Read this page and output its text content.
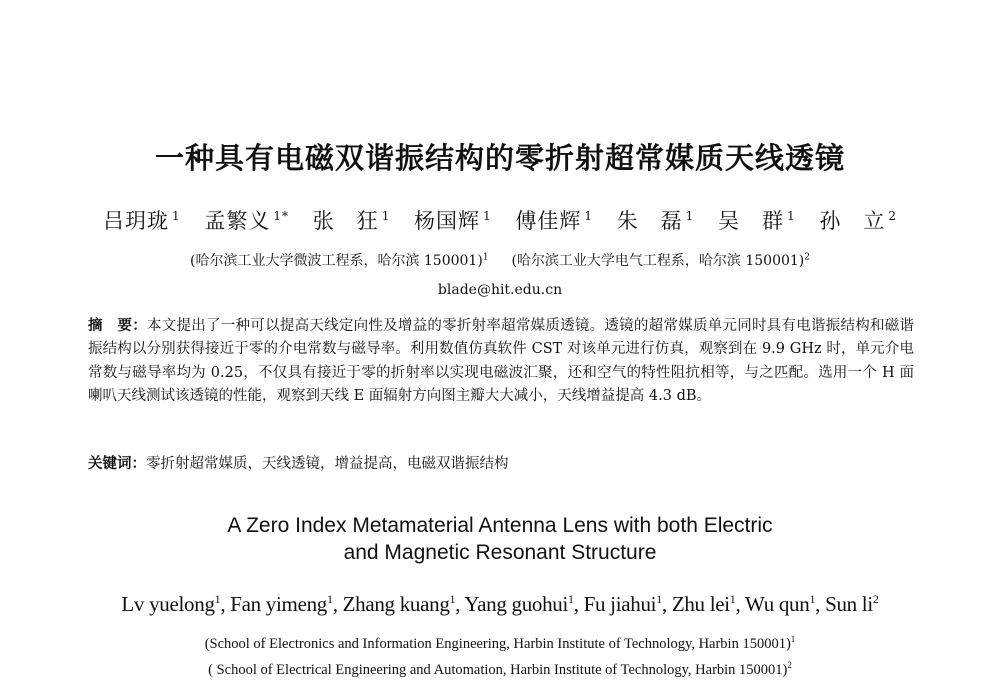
一种具有电磁双谐振结构的零折射超常媒质天线透镜
吕玥珑 $^1$ 孟繁义 $^{1*}$ 张　狂 $^1$ 杨国辉 $^1$ 傅佳辉 $^1$ 朱　磊 $^1$ 吴　群 $^1$ 孙　立 $^2$
(哈尔滨工业大学微波工程系，哈尔滨 150001)$^1$ (哈尔滨工业大学电气工程系，哈尔滨 150001)$^2$
blade@hit.edu.cn
摘　要：本文提出了一种可以提高天线定向性及增益的零折射率超常媒质透镜。透镜的超常媒质单元同时具有电谐振结构和磁谐振结构以分别获得接近于零的介电常数与磁导率。利用数值仿真软件 CST 对该单元进行仿真，观察到在 9.9 GHz 时，单元介电常数与磁导率均为 0.25，不仅具有接近于零的折射率以实现电磁波汇聚，还和空气的特性阻抗相等，与之匹配。选用一个 H 面喇叭天线测试该透镜的性能，观察到天线 E 面辐射方向图主瓣大大减小，天线增益提高 4.3 dB。
关键词：零折射超常媒质，天线透镜，增益提高，电磁双谐振结构
A Zero Index Metamaterial Antenna Lens with both Electric
and Magnetic Resonant Structure
Lv yuelong$^1$, Fan yimeng$^1$, Zhang kuang$^1$, Yang guohui$^1$, Fu jiahui$^1$, Zhu lei$^1$, Wu qun$^1$, Sun $li^2$
(School of Electronics and Information Engineering, Harbin Institute of Technology, Harbin 150001)$^1$
( School of Electrical Engineering and Automation, Harbin Institute of Technology, Harbin 150001)$^2$
